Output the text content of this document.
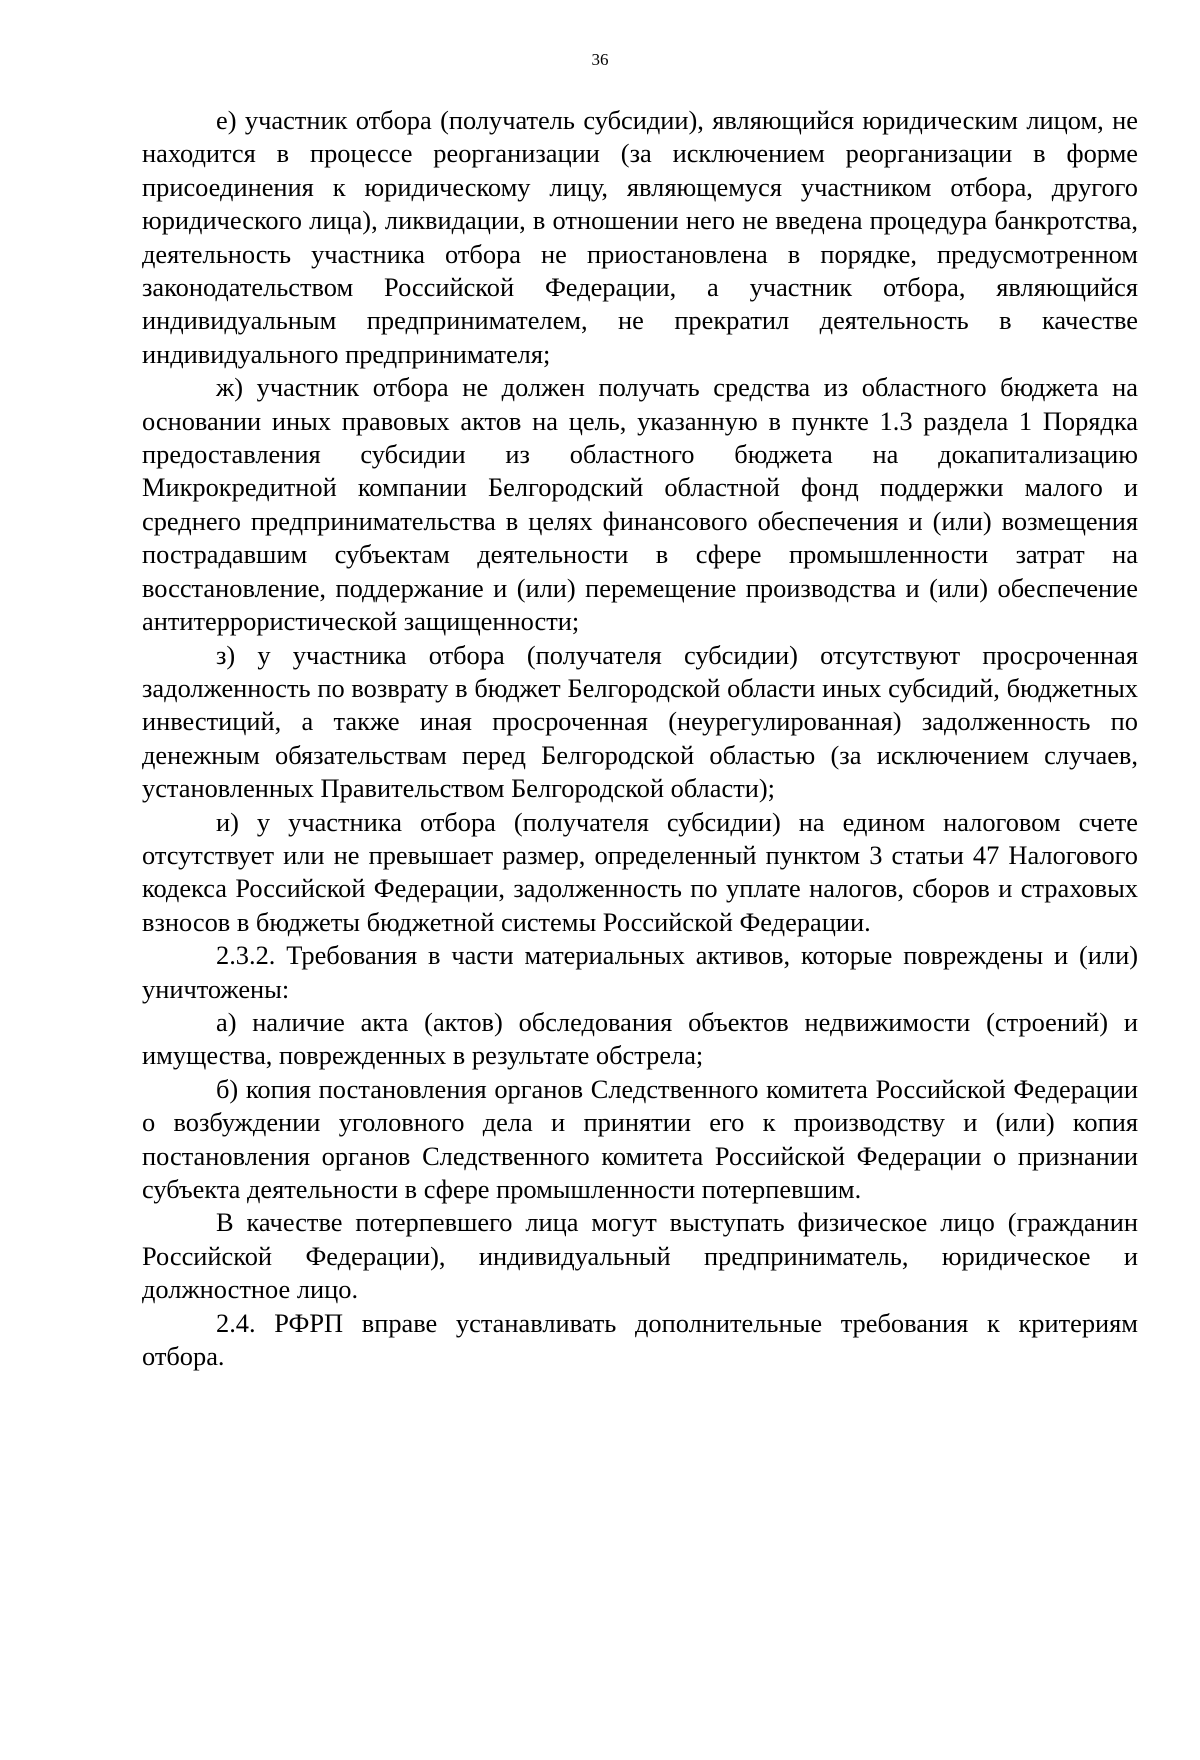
36

е) участник отбора (получатель субсидии), являющийся юридическим лицом, не находится в процессе реорганизации (за исключением реорганизации в форме присоединения к юридическому лицу, являющемуся участником отбора, другого юридического лица), ликвидации, в отношении него не введена процедура банкротства, деятельность участника отбора не приостановлена в порядке, предусмотренном законодательством Российской Федерации, а участник отбора, являющийся индивидуальным предпринимателем, не прекратил деятельность в качестве индивидуального предпринимателя;

ж) участник отбора не должен получать средства из областного бюджета на основании иных правовых актов на цель, указанную в пункте 1.3 раздела 1 Порядка предоставления субсидии из областного бюджета на докапитализацию Микрокредитной компании Белгородский областной фонд поддержки малого и среднего предпринимательства в целях финансового обеспечения и (или) возмещения пострадавшим субъектам деятельности в сфере промышленности затрат на восстановление, поддержание и (или) перемещение производства и (или) обеспечение антитеррористической защищенности;

з) у участника отбора (получателя субсидии) отсутствуют просроченная задолженность по возврату в бюджет Белгородской области иных субсидий, бюджетных инвестиций, а также иная просроченная (неурегулированная) задолженность по денежным обязательствам перед Белгородской областью (за исключением случаев, установленных Правительством Белгородской области);

и) у участника отбора (получателя субсидии) на едином налоговом счете отсутствует или не превышает размер, определенный пунктом 3 статьи 47 Налогового кодекса Российской Федерации, задолженность по уплате налогов, сборов и страховых взносов в бюджеты бюджетной системы Российской Федерации.

2.3.2. Требования в части материальных активов, которые повреждены и (или) уничтожены:

а) наличие акта (актов) обследования объектов недвижимости (строений) и имущества, поврежденных в результате обстрела;

б) копия постановления органов Следственного комитета Российской Федерации о возбуждении уголовного дела и принятии его к производству и (или) копия постановления органов Следственного комитета Российской Федерации о признании субъекта деятельности в сфере промышленности потерпевшим.

В качестве потерпевшего лица могут выступать физическое лицо (гражданин Российской Федерации), индивидуальный предприниматель, юридическое и должностное лицо.

2.4. РФРП вправе устанавливать дополнительные требования к критериям отбора.
